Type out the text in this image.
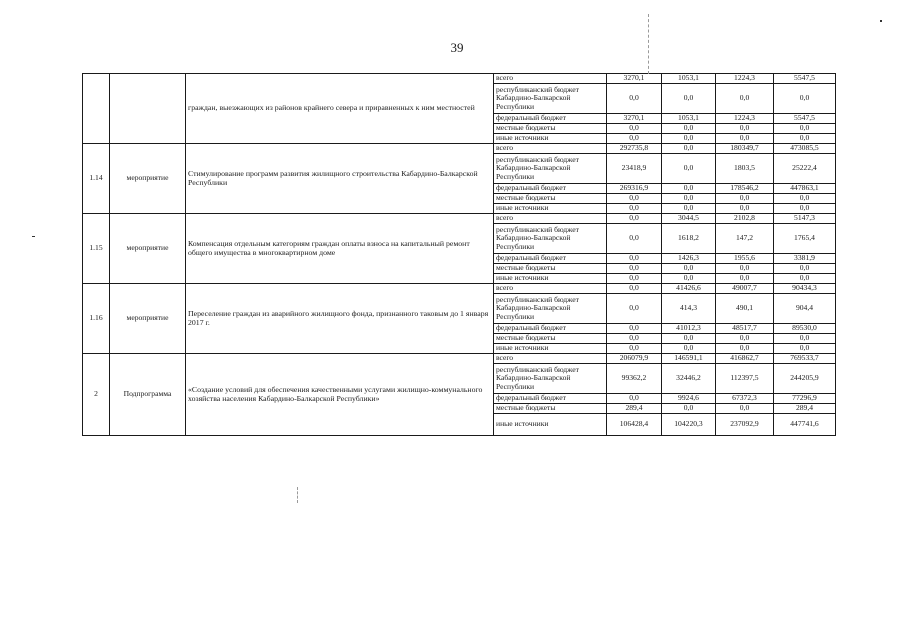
39
		граждан, выезжающих из районов крайнего севера и приравненных к ним местностей	всего	3270,1	1053,1	1224,3	5547,5
			республиканский бюджет Кабардино-Балкарской Республики	0,0	0,0	0,0	0,0
			федеральный бюджет	3270,1	1053,1	1224,3	5547,5
			местные бюджеты	0,0	0,0	0,0	0,0
			иные источники	0,0	0,0	0,0	0,0
1.14	мероприятие	Стимулирование программ развития жилищного строительства Кабардино-Балкарской Республики	всего	292735,8	0,0	180349,7	473085,5
			республиканский бюджет Кабардино-Балкарской Республики	23418,9	0,0	1803,5	25222,4
			федеральный бюджет	269316,9	0,0	178546,2	447863,1
			местные бюджеты	0,0	0,0	0,0	0,0
			иные источники	0,0	0,0	0,0	0,0
1.15	мероприятие	Компенсация отдельным категориям граждан оплаты взноса на капитальный ремонт общего имущества в многоквартирном доме	всего	0,0	3044,5	2102,8	5147,3
			республиканский бюджет Кабардино-Балкарской Республики	0,0	1618,2	147,2	1765,4
			федеральный бюджет	0,0	1426,3	1955,6	3381,9
			местные бюджеты	0,0	0,0	0,0	0,0
			иные источники	0,0	0,0	0,0	0,0
1.16	мероприятие	Переселение граждан из аварийного жилищного фонда, признанного таковым до 1 января 2017 г.	всего	0,0	41426,6	49007,7	90434,3
			республиканский бюджет Кабардино-Балкарской Республики	0,0	414,3	490,1	904,4
			федеральный бюджет	0,0	41012,3	48517,7	89530,0
			местные бюджеты	0,0	0,0	0,0	0,0
			иные источники	0,0	0,0	0,0	0,0
2	Подпрограмма	«Создание условий для обеспечения качественными услугами жилищно-коммунального хозяйства населения Кабардино-Балкарской Республики»	всего	206079,9	146591,1	416862,7	769533,7
			республиканский бюджет Кабардино-Балкарской Республики	99362,2	32446,2	112397,5	244205,9
			федеральный бюджет	0,0	9924,6	67372,3	77296,9
			местные бюджеты	289,4	0,0	0,0	289,4
			иные источники	106428,4	104220,3	237092,9	447741,6
